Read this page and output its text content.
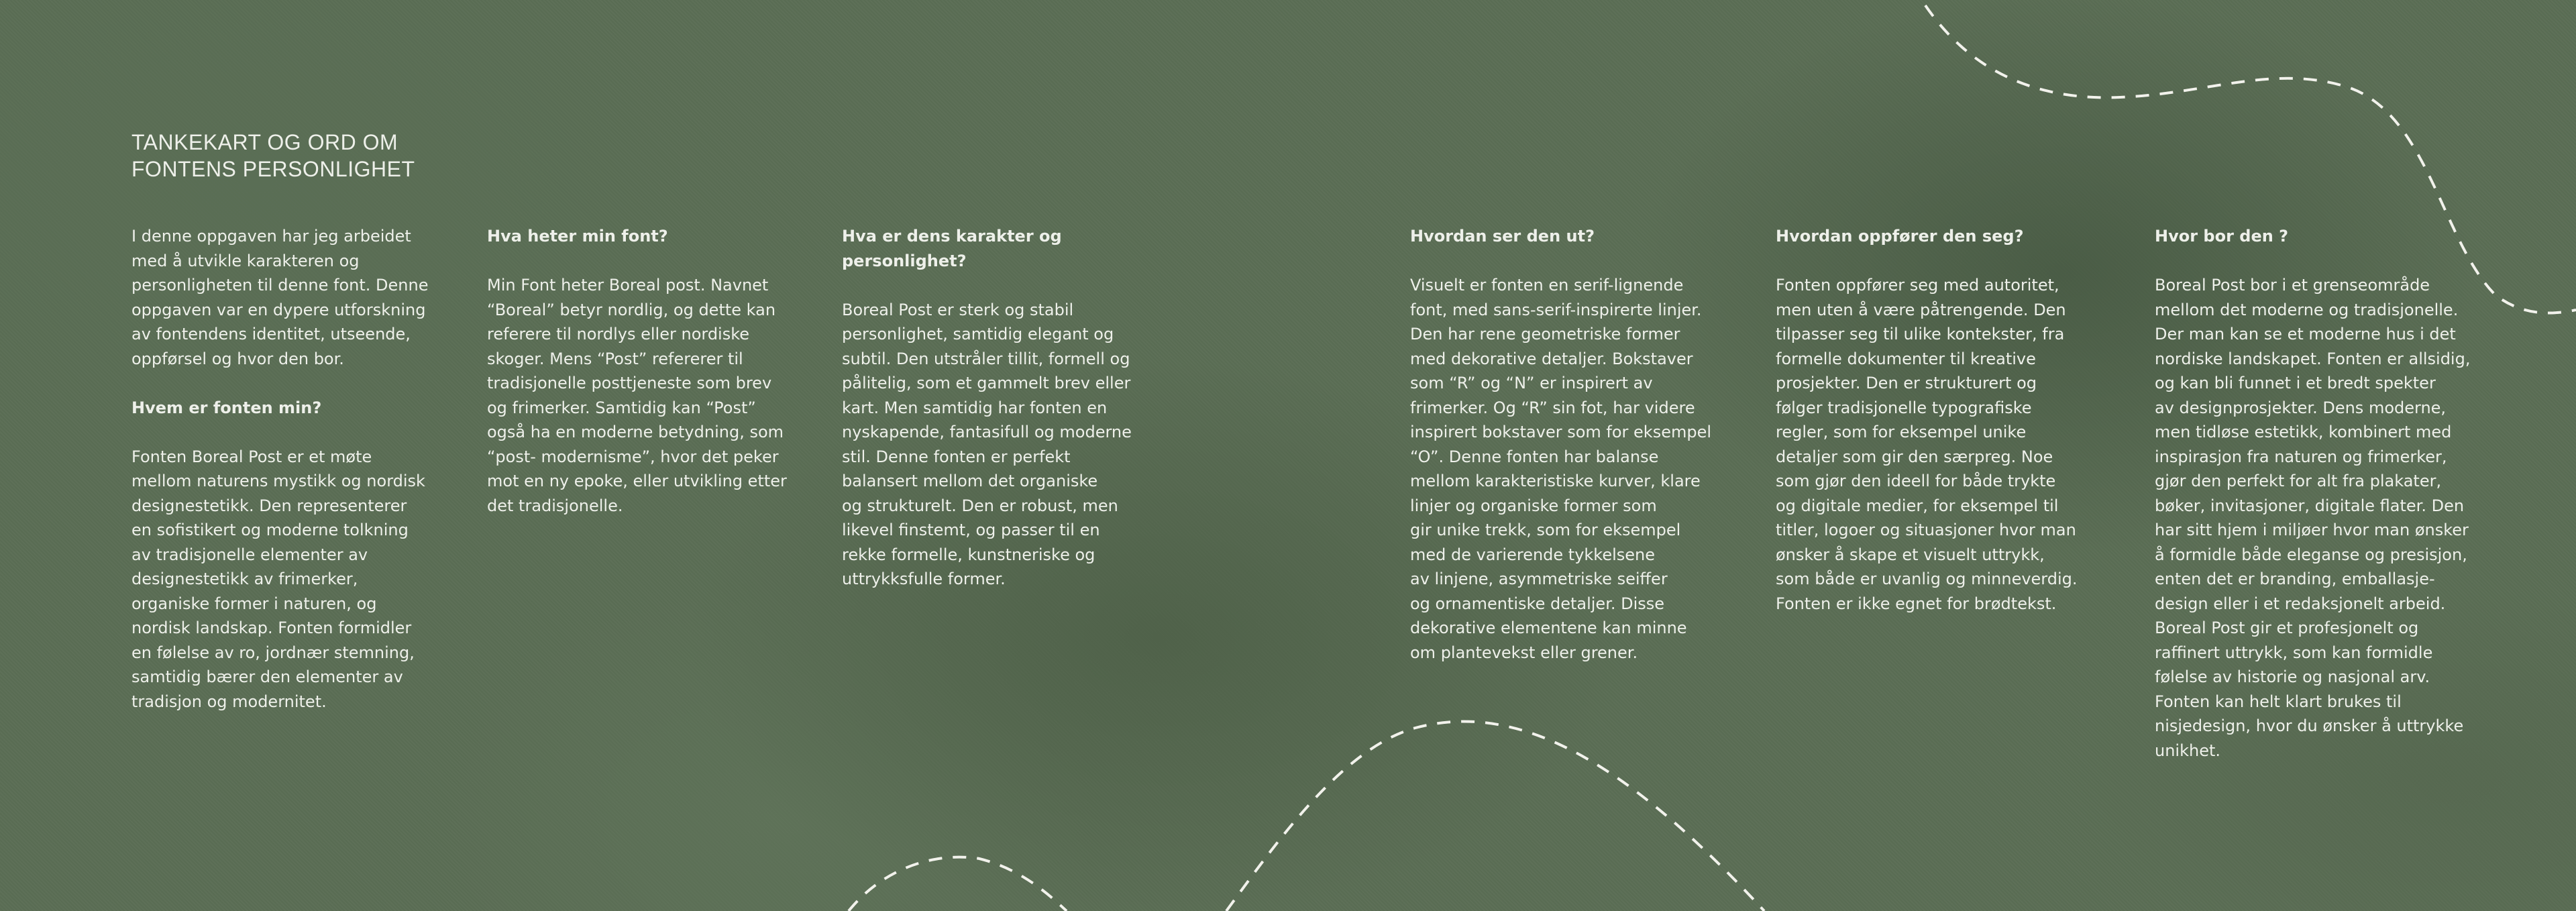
TANKEKART OG ORD OM
FONTENS PERSONLIGHET

I denne oppgaven har jeg arbeidet
med å utvikle karakteren og
personligheten til denne font. Denne
oppgaven var en dypere utforskning
av fontendens identitet, utseende,
oppførsel og hvor den bor.

Hvem er fonten min?

Fonten Boreal Post er et møte
mellom naturens mystikk og nordisk
designestetikk. Den representerer
en sofistikert og moderne tolkning
av tradisjonelle elementer av
designestetikk av frimerker,
organiske former i naturen, og
nordisk landskap. Fonten formidler
en følelse av ro, jordnær stemning,
samtidig bærer den elementer av
tradisjon og modernitet.

Hva heter min font?

Min Font heter Boreal post. Navnet
“Boreal” betyr nordlig, og dette kan
referere til nordlys eller nordiske
skoger. Mens “Post” refererer til
tradisjonelle posttjeneste som brev
og frimerker. Samtidig kan “Post”
også ha en moderne betydning, som
“post- modernisme”, hvor det peker
mot en ny epoke, eller utvikling etter
det tradisjonelle.

Hva er dens karakter og
personlighet?

Boreal Post er sterk og stabil
personlighet, samtidig elegant og
subtil. Den utstråler tillit, formell og
pålitelig, som et gammelt brev eller
kart. Men samtidig har fonten en
nyskapende, fantasifull og moderne
stil. Denne fonten er perfekt
balansert mellom det organiske
og strukturelt. Den er robust, men
likevel finstemt, og passer til en
rekke formelle, kunstneriske og
uttrykksfulle former.

Hvordan ser den ut?

Visuelt er fonten en serif-lignende
font, med sans-serif-inspirerte linjer.
Den har rene geometriske former
med dekorative detaljer. Bokstaver
som “R” og “N” er inspirert av
frimerker. Og “R” sin fot, har videre
inspirert bokstaver som for eksempel
“O”. Denne fonten har balanse
mellom karakteristiske kurver, klare
linjer og organiske former som
gir unike trekk, som for eksempel
med de varierende tykkelsene
av linjene, asymmetriske seiffer
og ornamentiske detaljer. Disse
dekorative elementene kan minne
om plantevekst eller grener.

Hvordan oppfører den seg?

Fonten oppfører seg med autoritet,
men uten å være påtrengende. Den
tilpasser seg til ulike kontekster, fra
formelle dokumenter til kreative
prosjekter. Den er strukturert og
følger tradisjonelle typografiske
regler, som for eksempel unike
detaljer som gir den særpreg. Noe
som gjør den ideell for både trykte
og digitale medier, for eksempel til
titler, logoer og situasjoner hvor man
ønsker å skape et visuelt uttrykk,
som både er uvanlig og minneverdig.
Fonten er ikke egnet for brødtekst.

Hvor bor den ?

Boreal Post bor i et grenseområde
mellom det moderne og tradisjonelle.
Der man kan se et moderne hus i det
nordiske landskapet. Fonten er allsidig,
og kan bli funnet i et bredt spekter
av designprosjekter. Dens moderne,
men tidløse estetikk, kombinert med
inspirasjon fra naturen og frimerker,
gjør den perfekt for alt fra plakater,
bøker, invitasjoner, digitale flater. Den
har sitt hjem i miljøer hvor man ønsker
å formidle både eleganse og presisjon,
enten det er branding, emballasje-
design eller i et redaksjonelt arbeid.
Boreal Post gir et profesjonelt og
raffinert uttrykk, som kan formidle
følelse av historie og nasjonal arv.
Fonten kan helt klart brukes til
nisjedesign, hvor du ønsker å uttrykke
unikhet.
